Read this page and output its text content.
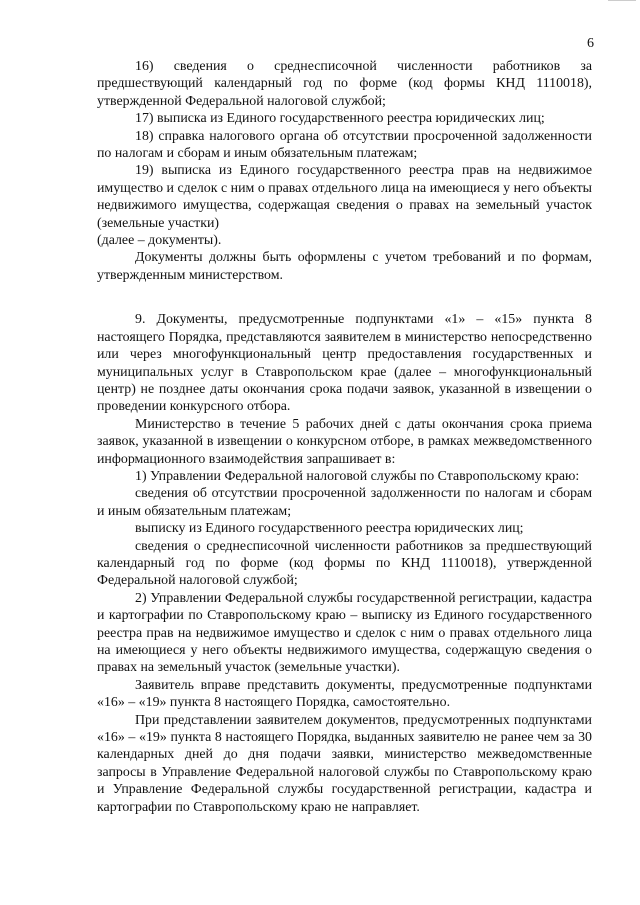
6

16) сведения о среднесписочной численности работников за предшествующий календарный год по форме (код формы КНД 1110018), утвержденной Федеральной налоговой службой;

17) выписка из Единого государственного реестра юридических лиц;

18) справка налогового органа об отсутствии просроченной задолженности по налогам и сборам и иным обязательным платежам;

19) выписка из Единого государственного реестра прав на недвижимое имущество и сделок с ним о правах отдельного лица на имеющиеся у него объекты недвижимого имущества, содержащая сведения о правах на земельный участок (земельные участки)

(далее – документы).

Документы должны быть оформлены с учетом требований и по формам, утвержденным министерством.

9. Документы, предусмотренные подпунктами «1» – «15» пункта 8 настоящего Порядка, представляются заявителем в министерство непосредственно или через многофункциональный центр предоставления государственных и муниципальных услуг в Ставропольском крае (далее – многофункциональный центр) не позднее даты окончания срока подачи заявок, указанной в извещении о проведении конкурсного отбора.

Министерство в течение 5 рабочих дней с даты окончания срока приема заявок, указанной в извещении о конкурсном отборе, в рамках межведомственного информационного взаимодействия запрашивает в:

1) Управлении Федеральной налоговой службы по Ставропольскому краю:

сведения об отсутствии просроченной задолженности по налогам и сборам и иным обязательным платежам;

выписку из Единого государственного реестра юридических лиц;

сведения о среднесписочной численности работников за предшествующий календарный год по форме (код формы по КНД 1110018), утвержденной Федеральной налоговой службой;

2) Управлении Федеральной службы государственной регистрации, кадастра и картографии по Ставропольскому краю – выписку из Единого государственного реестра прав на недвижимое имущество и сделок с ним о правах отдельного лица на имеющиеся у него объекты недвижимого имущества, содержащую сведения о правах на земельный участок (земельные участки).

Заявитель вправе представить документы, предусмотренные подпунктами «16» – «19» пункта 8 настоящего Порядка, самостоятельно.

При представлении заявителем документов, предусмотренных подпунктами «16» – «19» пункта 8 настоящего Порядка, выданных заявителю не ранее чем за 30 календарных дней до дня подачи заявки, министерство межведомственные запросы в Управление Федеральной налоговой службы по Ставропольскому краю и Управление Федеральной службы государственной регистрации, кадастра и картографии по Ставропольскому краю не направляет.
